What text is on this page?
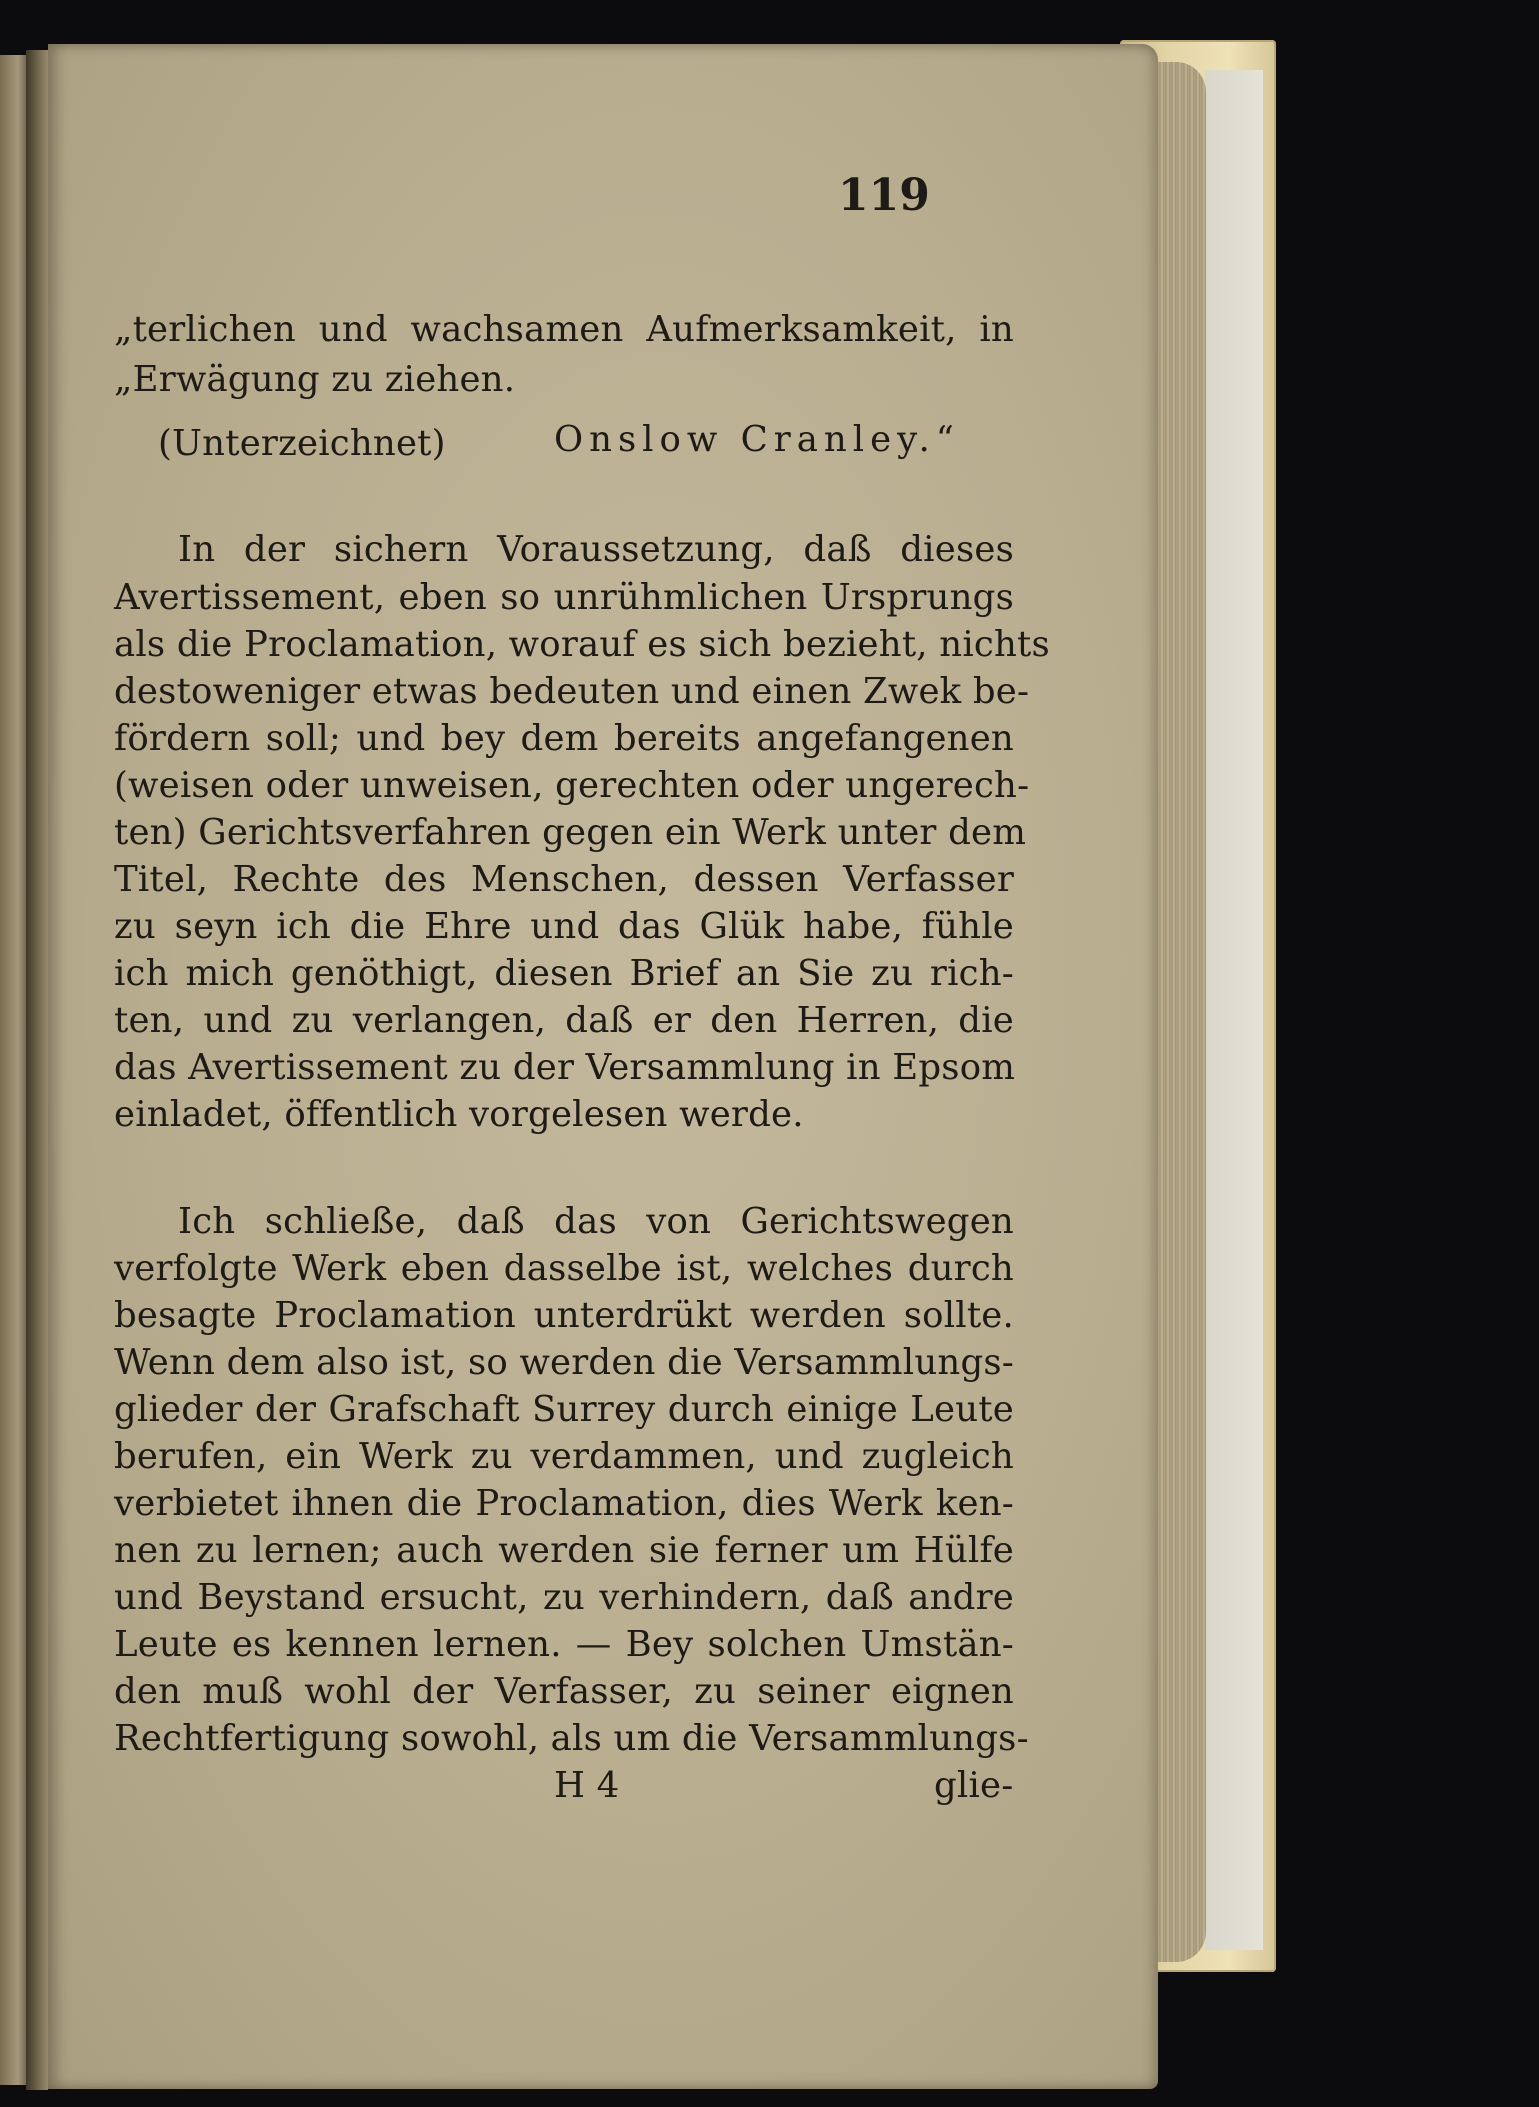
119
„terlichen und wachsamen Aufmerksamkeit, in
„Erwägung zu ziehen.
(Unterzeichnet)	Onslow Cranley.“
In der sichern Voraussetzung, daß dieses
Avertissement, eben so unrühmlichen Ursprungs
als die Proclamation, worauf es sich bezieht, nichts
destoweniger etwas bedeuten und einen Zwek be-
fördern soll; und bey dem bereits angefangenen
(weisen oder unweisen, gerechten oder ungerech-
ten) Gerichtsverfahren gegen ein Werk unter dem
Titel, Rechte des Menschen, dessen Verfasser
zu seyn ich die Ehre und das Glük habe, fühle
ich mich genöthigt, diesen Brief an Sie zu rich-
ten, und zu verlangen, daß er den Herren, die
das Avertissement zu der Versammlung in Epsom
einladet, öffentlich vorgelesen werde.
Ich schließe, daß das von Gerichtswegen
verfolgte Werk eben dasselbe ist, welches durch
besagte Proclamation unterdrükt werden sollte.
Wenn dem also ist, so werden die Versammlungs-
glieder der Grafschaft Surrey durch einige Leute
berufen, ein Werk zu verdammen, und zugleich
verbietet ihnen die Proclamation, dies Werk ken-
nen zu lernen; auch werden sie ferner um Hülfe
und Beystand ersucht, zu verhindern, daß andre
Leute es kennen lernen. — Bey solchen Umstän-
den muß wohl der Verfasser, zu seiner eignen
Rechtfertigung sowohl, als um die Versammlungs-
H 4	glie-
